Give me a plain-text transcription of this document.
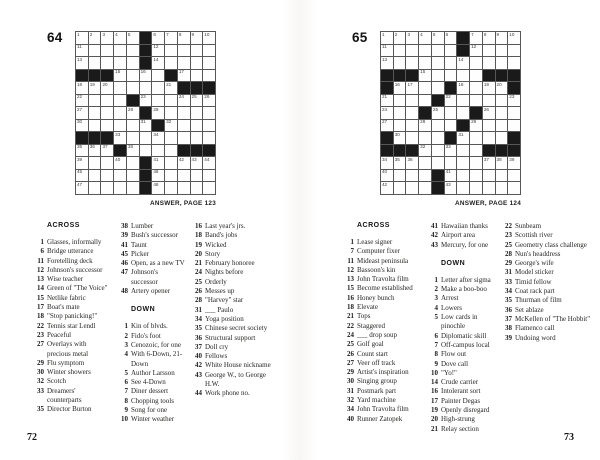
64	1 2 3 4 5	6 7 8 9 10
11	12
13	14
15	16	17
18 19 20	21
22	23	24 25 26
27	28	29
30	31	32
33	34
35 36 37	38
39	40	41	42 43 44
45	46
47	48
ANSWER, PAGE 123
ACROSS
1 Glasses, informally
6 Bridge utterance
11 Foretelling deck
12 Johnson's successor
13 Wise teacher
14 Green of "The Voice"
15 Netlike fabric
17 Boat's mate
18 "Stop panicking!"
22 Tennis star Lendl
23 Peaceful
27 Overlays with precious metal
29 Flu symptom
30 Winter showers
32 Scotch
33 Dreamers' counterparts
35 Director Burton
38 Lumber
39 Bush's successor
41 Taunt
45 Picker
46 Open, as a new TV
47 Johnson's successor
48 Artery opener
DOWN
1 Kin of blvds.
2 Fido's foot
3 Cenozoic, for one
4 With 6-Down, 21-Down
5 Author Larsson
6 See 4-Down
7 Diner dessert
8 Chopping tools
9 Song for one
10 Winter weather
16 Last year's jrs.
18 Band's jobs
19 Wicked
20 Story
21 February honoree
24 Nights before
25 Orderly
26 Messes up
28 "Harvey" star
31 ___ Paulo
34 Yoga position
35 Chinese secret society
36 Structural support
37 Doll cry
40 Fellows
42 White House nickname
43 George W., to George H.W.
44 Work phone no.
65	1 2 3 4 5 6	7 8 9 10
11	12
13	14
15
16 17	18	19 20
21	22	23
24	25	26
27	28	29
30	31
32	33
34 35 36	37 38 39
40	41
42	43
ANSWER, PAGE 124
ACROSS
1 Lease signer
7 Computer fixer
11 Mideast peninsula
12 Bassoon's kin
13 John Travolta film
15 Become established
16 Honey bunch
18 Elevate
21 Tops
22 Staggered
24 ___ drop soup
25 Golf goal
26 Count start
27 Veer off track
29 Artist's inspiration
30 Singing group
31 Postmark part
32 Yard machine
34 John Travolta film
40 Runner Zatopek
41 Hawaiian thanks
42 Airport area
43 Mercury, for one
DOWN
1 Letter after sigma
2 Make a boo-boo
3 Arrest
4 Lowers
5 Low cards in pinochle
6 Diplomatic skill
7 Off-campus local
8 Flow out
9 Dove call
10 "Yo!"
14 Crude carrier
16 Intolerant sort
17 Painter Degas
19 Openly disregard
20 High-strung
21 Relay section
22 Sunbeam
23 Scottish river
25 Geometry class challenge
28 Nun's headdress
29 George's wife
31 Model sticker
33 Timid fellow
34 Coat rack part
35 Thurman of film
36 Set ablaze
37 McKellen of "The Hobbit"
38 Flamenco call
39 Undoing word
72	73
